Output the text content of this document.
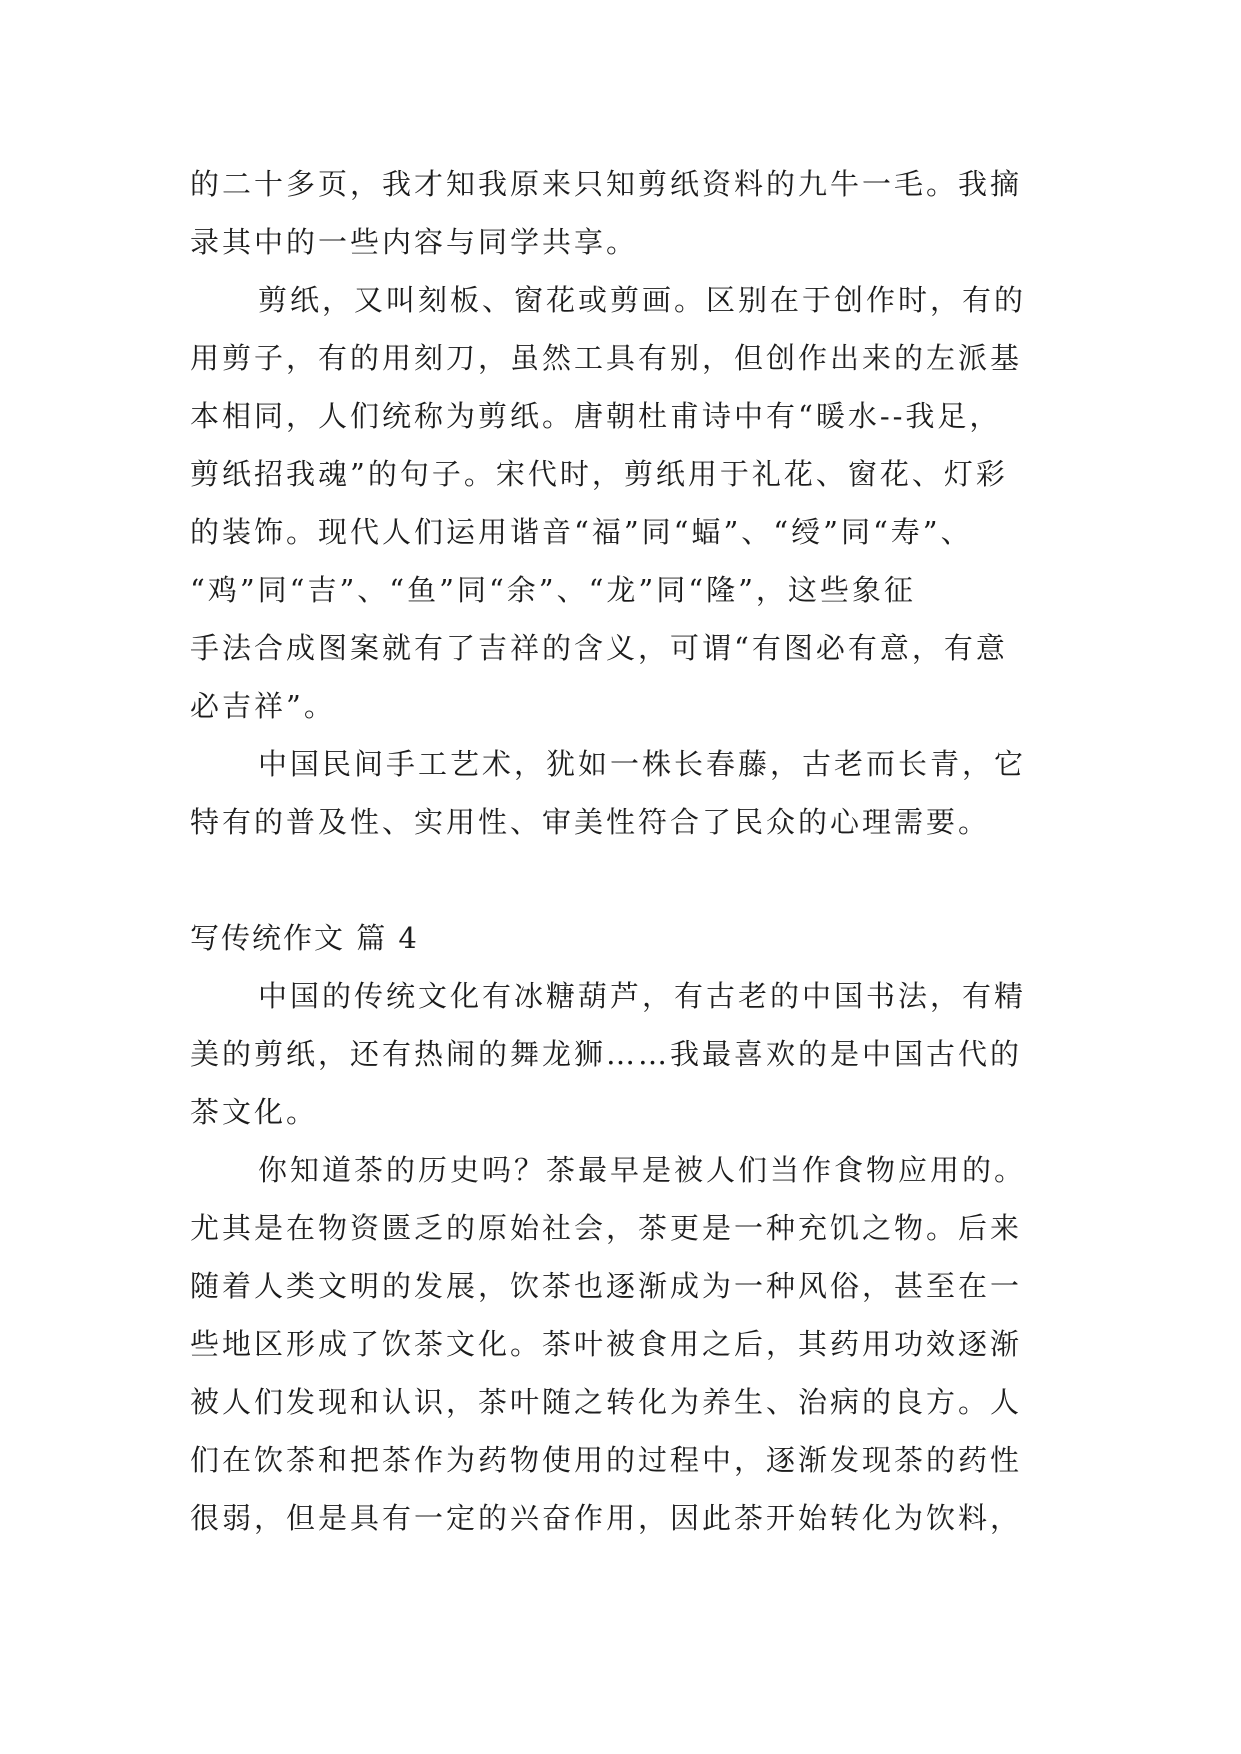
的二十多页，我才知我原来只知剪纸资料的九牛一毛。我摘

录其中的一些内容与同学共享。

剪纸，又叫刻板、窗花或剪画。区别在于创作时，有的

用剪子，有的用刻刀，虽然工具有别，但创作出来的左派基

本相同，人们统称为剪纸。唐朝杜甫诗中有“暖水--我足，

剪纸招我魂”的句子。宋代时，剪纸用于礼花、窗花、灯彩

的装饰。现代人们运用谐音“福”同“蝠”、“绶”同“寿”、

“鸡”同“吉”、“鱼”同“余”、“龙”同“隆”，这些象征

手法合成图案就有了吉祥的含义，可谓“有图必有意，有意

必吉祥”。

中国民间手工艺术，犹如一株长春藤，古老而长青，它

特有的普及性、实用性、审美性符合了民众的心理需要。

写传统作文 篇 4

中国的传统文化有冰糖葫芦，有古老的中国书法，有精

美的剪纸，还有热闹的舞龙狮……我最喜欢的是中国古代的

茶文化。

你知道茶的历史吗？茶最早是被人们当作食物应用的。

尤其是在物资匮乏的原始社会，茶更是一种充饥之物。后来

随着人类文明的发展，饮茶也逐渐成为一种风俗，甚至在一

些地区形成了饮茶文化。茶叶被食用之后，其药用功效逐渐

被人们发现和认识，茶叶随之转化为养生、治病的良方。人

们在饮茶和把茶作为药物使用的过程中，逐渐发现茶的药性

很弱，但是具有一定的兴奋作用，因此茶开始转化为饮料，
